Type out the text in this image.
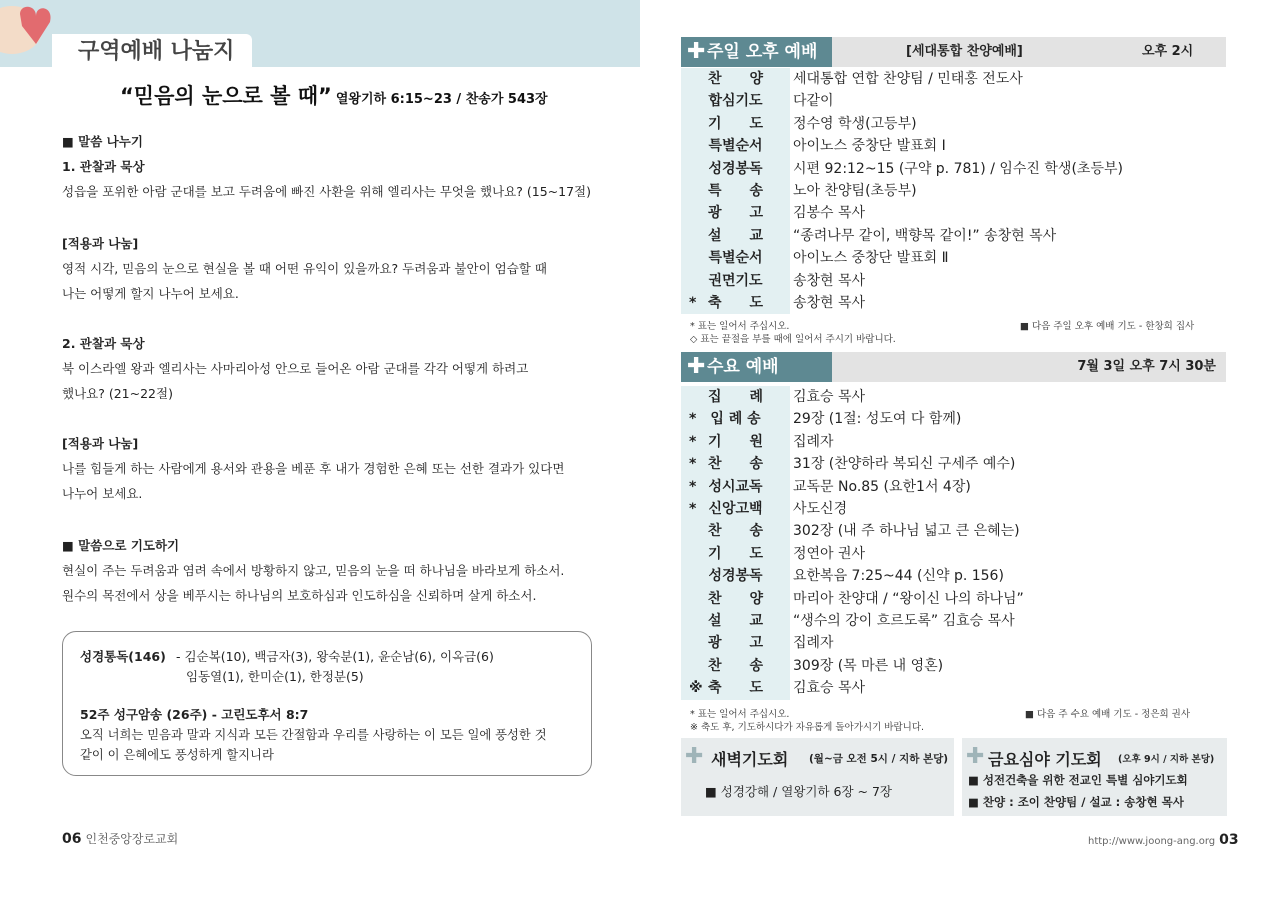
구역예배 나눔지
“믿음의 눈으로 볼 때” 열왕기하 6:15~23 / 찬송가 543장
■ 말씀 나누기
1. 관찰과 묵상
성읍을 포위한 아람 군대를 보고 두려움에 빠진 사환을 위해 엘리사는 무엇을 했나요? (15~17절)
[적용과 나눔]
영적 시각, 믿음의 눈으로 현실을 볼 때 어떤 유익이 있을까요? 두려움과 불안이 엄습할 때
나는 어떻게 할지 나누어 보세요.
2. 관찰과 묵상
북 이스라엘 왕과 엘리사는 사마리아성 안으로 들어온 아람 군대를 각각 어떻게 하려고
했나요? (21~22절)
[적용과 나눔]
나를 힘들게 하는 사람에게 용서와 관용을 베푼 후 내가 경험한 은혜 또는 선한 결과가 있다면
나누어 보세요.
■ 말씀으로 기도하기
현실이 주는 두려움과 염려 속에서 방황하지 않고, 믿음의 눈을 떠 하나님을 바라보게 하소서.
원수의 목전에서 상을 베푸시는 하나님의 보호하심과 인도하심을 신뢰하며 살게 하소서.
성경통독(146) - 김순복(10), 백금자(3), 왕숙분(1), 윤순남(6), 이옥금(6)
임동열(1), 한미순(1), 한정분(5)
52주 성구암송 (26주) - 고린도후서 8:7
오직 너희는 믿음과 말과 지식과 모든 간절함과 우리를 사랑하는 이 모든 일에 풍성한 것
같이 이 은혜에도 풍성하게 할지니라
06 인천중앙장로교회
✚주일 오후 예배	[세대통합 찬양예배]	오후 2시
찬　　양	세대통합 연합 찬양팀 / 민태홍 전도사
합심기도	다같이
기　　도	정수영 학생(고등부)
특별순서	아이노스 중창단 발표회 Ⅰ
성경봉독	시편 92:12~15 (구약 p. 781) / 임수진 학생(초등부)
특　　송	노아 찬양팀(초등부)
광　　고	김봉수 목사
설　　교	“종려나무 같이, 백향목 같이!” 송창현 목사
특별순서	아이노스 중창단 발표회 Ⅱ
권면기도	송창현 목사
* 축　　도	송창현 목사
* 표는 일어서 주십시오.
◇ 표는 끝절을 부를 때에 일어서 주시기 바랍니다.
■ 다음 주일 오후 예배 기도 - 한창희 집사
✚수요 예배	7월 3일 오후 7시 30분
집　　례	김효승 목사
* 입 례 송	29장 (1절: 성도여 다 함께)
* 기　　원	집례자
* 찬　　송	31장 (찬양하라 복되신 구세주 예수)
* 성시교독	교독문 No.85 (요한1서 4장)
* 신앙고백	사도신경
찬　　송	302장 (내 주 하나님 넓고 큰 은혜는)
기　　도	정연아 권사
성경봉독	요한복음 7:25~44 (신약 p. 156)
찬　　양	마리아 찬양대 / “왕이신 나의 하나님”
설　　교	“생수의 강이 흐르도록” 김효승 목사
광　　고	집례자
찬　　송	309장 (목 마른 내 영혼)
※ 축　　도	김효승 목사
* 표는 일어서 주십시오.
※ 축도 후, 기도하시다가 자유롭게 돌아가시기 바랍니다.
■ 다음 주 수요 예배 기도 - 정은희 권사
✚ 새벽기도회 (월~금 오전 5시 / 지하 본당)
■ 성경강해 / 열왕기하 6장 ~ 7장
✚ 금요심야 기도회 (오후 9시 / 지하 본당)
■ 성전건축을 위한 전교인 특별 심야기도회
■ 찬양 : 조이 찬양팀 / 설교 : 송창현 목사
http://www.joong-ang.org 03
